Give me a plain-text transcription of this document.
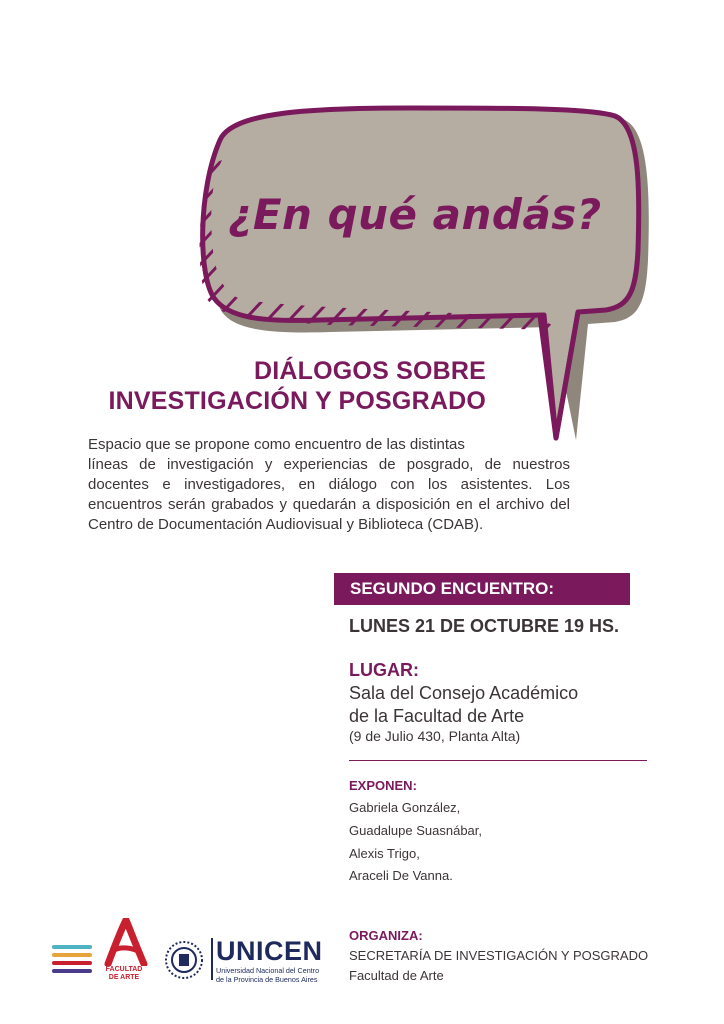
¿En qué andás?
DIÁLOGOS SOBRE
INVESTIGACIÓN Y POSGRADO
Espacio que se propone como encuentro de las distintas
líneas de investigación y experiencias de posgrado, de nuestros docentes e investigadores, en diálogo con los asistentes. Los encuentros serán grabados y quedarán a disposición en el archivo del Centro de Documentación Audiovisual y Biblioteca (CDAB).
SEGUNDO ENCUENTRO:
LUNES 21 DE OCTUBRE 19 HS.
LUGAR:
Sala del Consejo Académico
de la Facultad de Arte
(9 de Julio 430, Planta Alta)
EXPONEN:
Gabriela González,
Guadalupe Suasnábar,
Alexis Trigo,
Araceli De Vanna.
ORGANIZA:
SECRETARÍA DE INVESTIGACIÓN Y POSGRADO
Facultad de Arte
FACULTAD
DE ARTE
UNICEN
Universidad Nacional del Centro
de la Provincia de Buenos Aires
